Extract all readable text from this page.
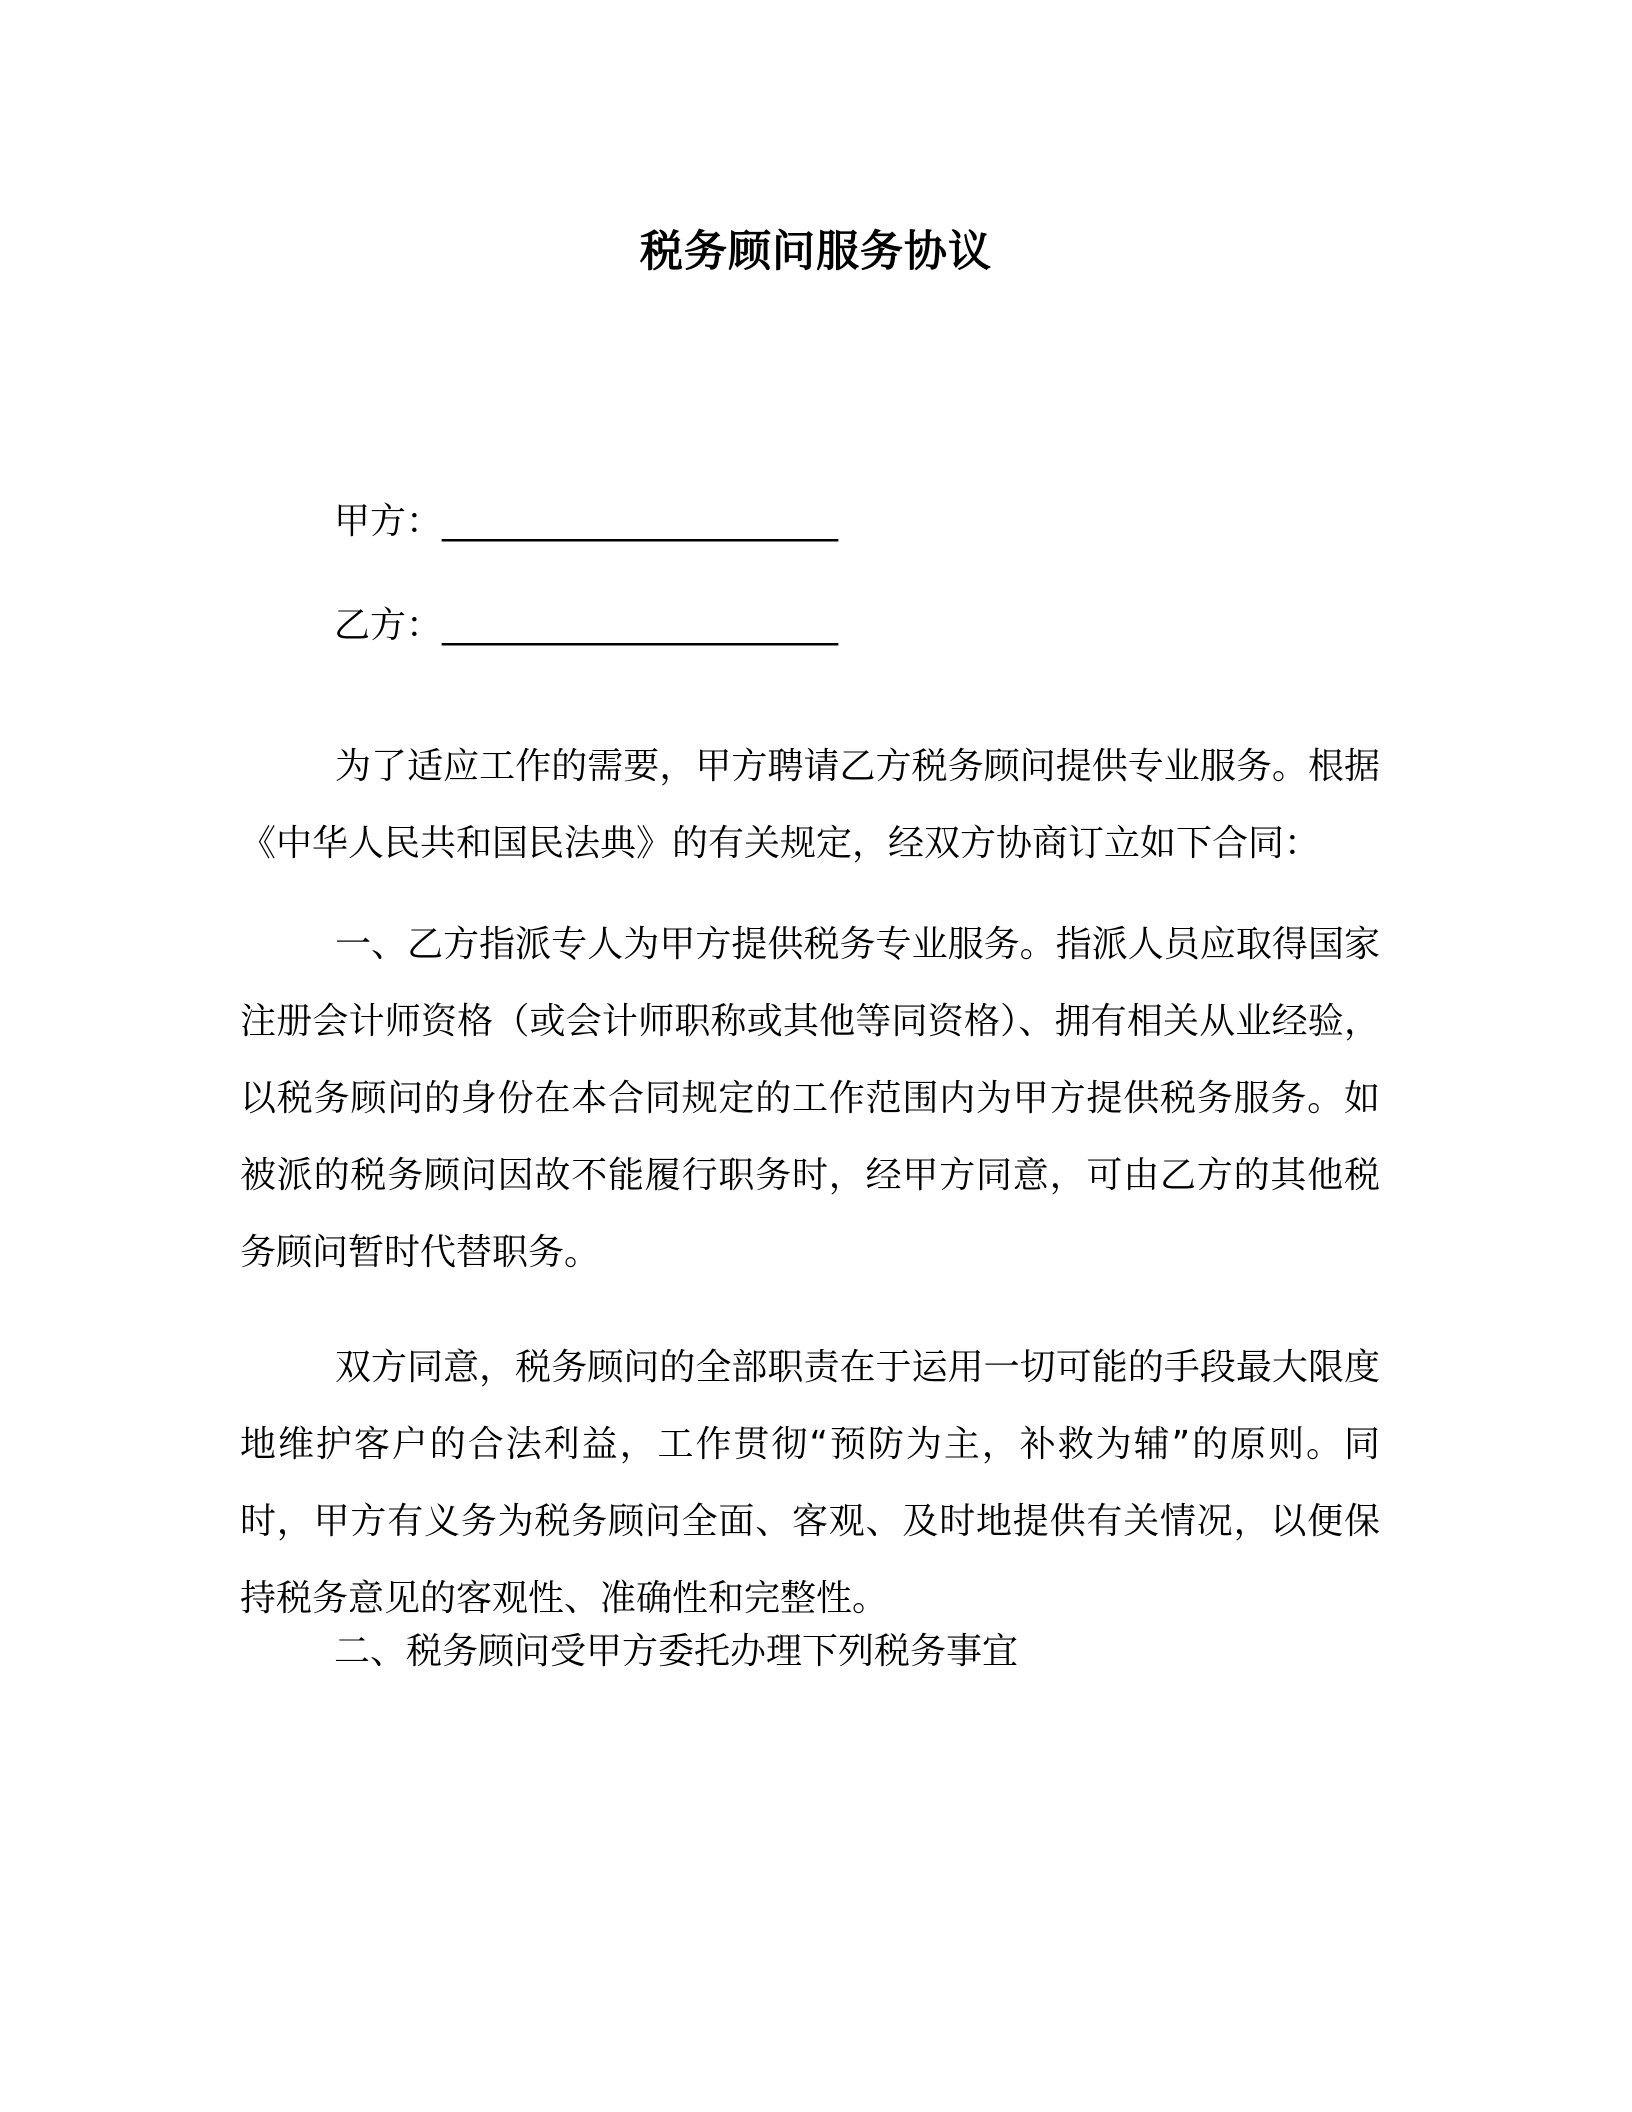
税务顾问服务协议
甲方：______________________
乙方：______________________

为了适应工作的需要，甲方聘请乙方税务顾问提供专业服务。根据《中华人民共和国民法典》的有关规定，经双方协商订立如下合同：

一、乙方指派专人为甲方提供税务专业服务。指派人员应取得国家注册会计师资格（或会计师职称或其他等同资格）、拥有相关从业经验，以税务顾问的身份在本合同规定的工作范围内为甲方提供税务服务。如被派的税务顾问因故不能履行职务时，经甲方同意，可由乙方的其他税务顾问暂时代替职务。

双方同意，税务顾问的全部职责在于运用一切可能的手段最大限度地维护客户的合法利益，工作贯彻“预防为主，补救为辅”的原则。同时，甲方有义务为税务顾问全面、客观、及时地提供有关情况，以便保持税务意见的客观性、准确性和完整性。

二、税务顾问受甲方委托办理下列税务事宜
